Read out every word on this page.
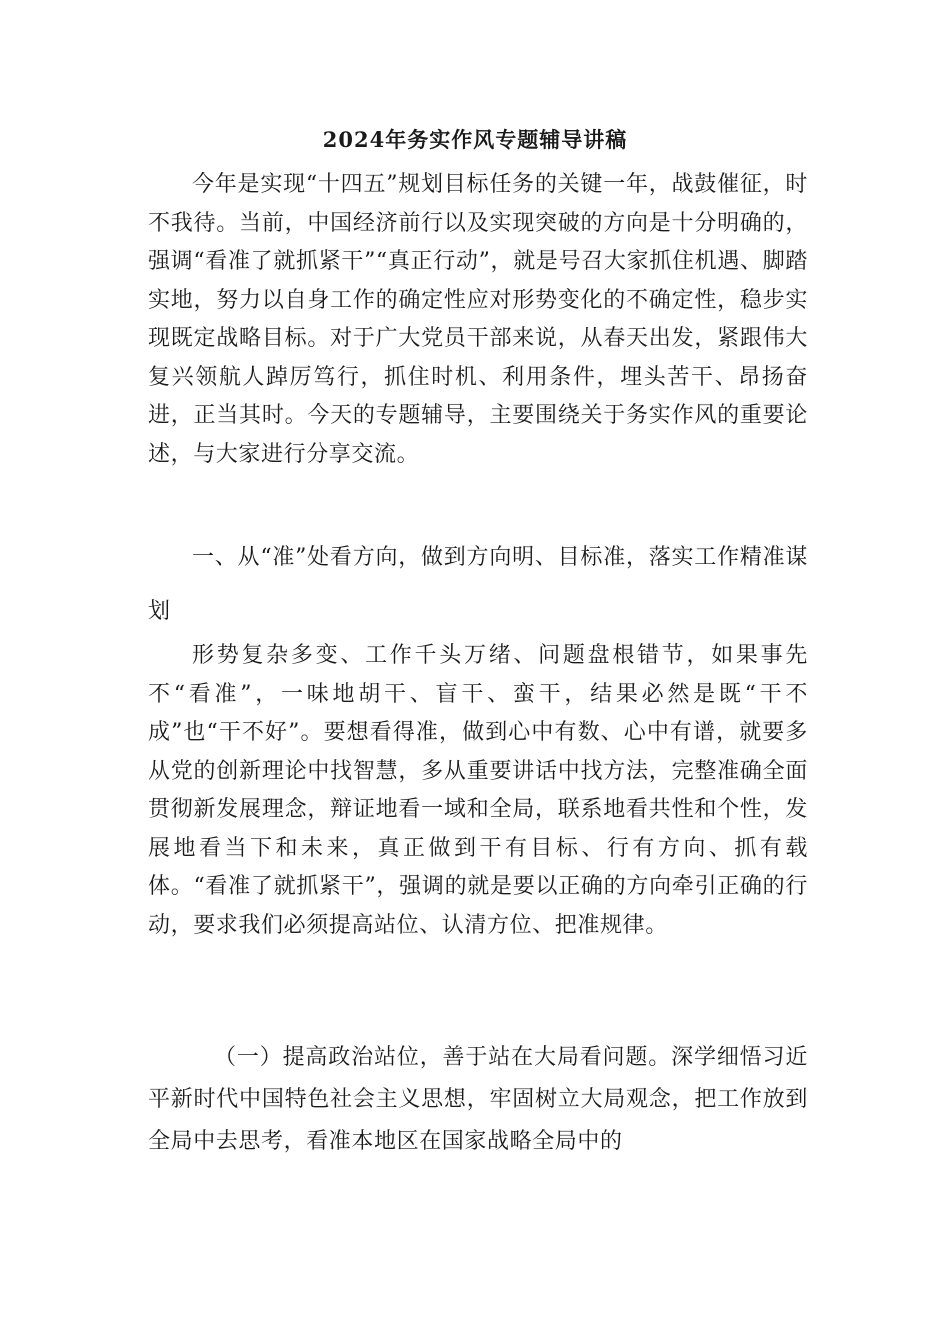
2024年务实作风专题辅导讲稿

今年是实现“十四五”规划目标任务的关键一年，战鼓催征，时不我待。当前，中国经济前行以及实现突破的方向是十分明确的，强调“看准了就抓紧干”“真正行动”，就是号召大家抓住机遇、脚踏实地，努力以自身工作的确定性应对形势变化的不确定性，稳步实现既定战略目标。对于广大党员干部来说，从春天出发，紧跟伟大复兴领航人踔厉笃行，抓住时机、利用条件，埋头苦干、昂扬奋进，正当其时。今天的专题辅导，主要围绕关于务实作风的重要论述，与大家进行分享交流。

一、从“准”处看方向，做到方向明、目标准，落实工作精准谋划

形势复杂多变、工作千头万绪、问题盘根错节，如果事先不“看准”，一味地胡干、盲干、蛮干，结果必然是既“干不成”也“干不好”。要想看得准，做到心中有数、心中有谱，就要多从党的创新理论中找智慧，多从重要讲话中找方法，完整准确全面贯彻新发展理念，辩证地看一域和全局，联系地看共性和个性，发展地看当下和未来，真正做到干有目标、行有方向、抓有载体。“看准了就抓紧干”，强调的就是要以正确的方向牵引正确的行动，要求我们必须提高站位、认清方位、把准规律。

（一）提高政治站位，善于站在大局看问题。深学细悟习近平新时代中国特色社会主义思想，牢固树立大局观念，把工作放到全局中去思考，看准本地区在国家战略全局中的
